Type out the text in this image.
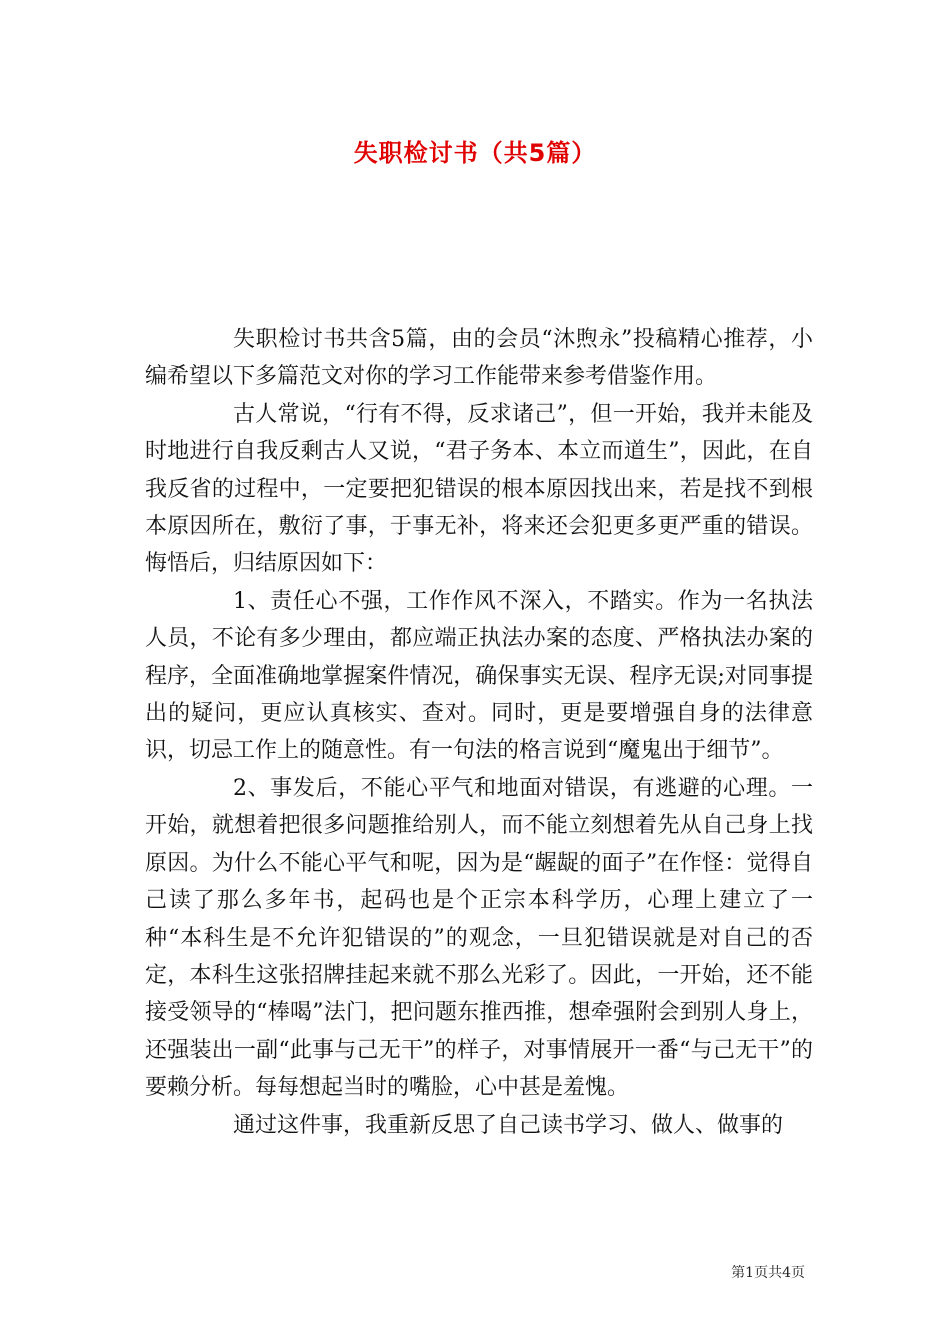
失职检讨书（共5篇）

失职检讨书共含5篇，由的会员“沐煦永”投稿精心推荐，小编希望以下多篇范文对你的学习工作能带来参考借鉴作用。

古人常说，“行有不得，反求诸己”，但一开始，我并未能及时地进行自我反剩古人又说，“君子务本、本立而道生”，因此，在自我反省的过程中，一定要把犯错误的根本原因找出来，若是找不到根本原因所在，敷衍了事，于事无补，将来还会犯更多更严重的错误。悔悟后，归结原因如下：

1、责任心不强，工作作风不深入，不踏实。作为一名执法人员，不论有多少理由，都应端正执法办案的态度、严格执法办案的程序，全面准确地掌握案件情况，确保事实无误、程序无误;对同事提出的疑问，更应认真核实、查对。同时，更是要增强自身的法律意识，切忌工作上的随意性。有一句法的格言说到“魔鬼出于细节”。

2、事发后，不能心平气和地面对错误，有逃避的心理。一开始，就想着把很多问题推给别人，而不能立刻想着先从自己身上找原因。为什么不能心平气和呢，因为是“龌龊的面子”在作怪：觉得自己读了那么多年书，起码也是个正宗本科学历，心理上建立了一种“本科生是不允许犯错误的”的观念，一旦犯错误就是对自己的否定，本科生这张招牌挂起来就不那么光彩了。因此，一开始，还不能接受领导的“棒喝”法门，把问题东推西推，想牵强附会到别人身上，还强装出一副“此事与己无干”的样子，对事情展开一番“与己无干”的要赖分析。每每想起当时的嘴脸，心中甚是羞愧。

通过这件事，我重新反思了自己读书学习、做人、做事的

第1页共4页
